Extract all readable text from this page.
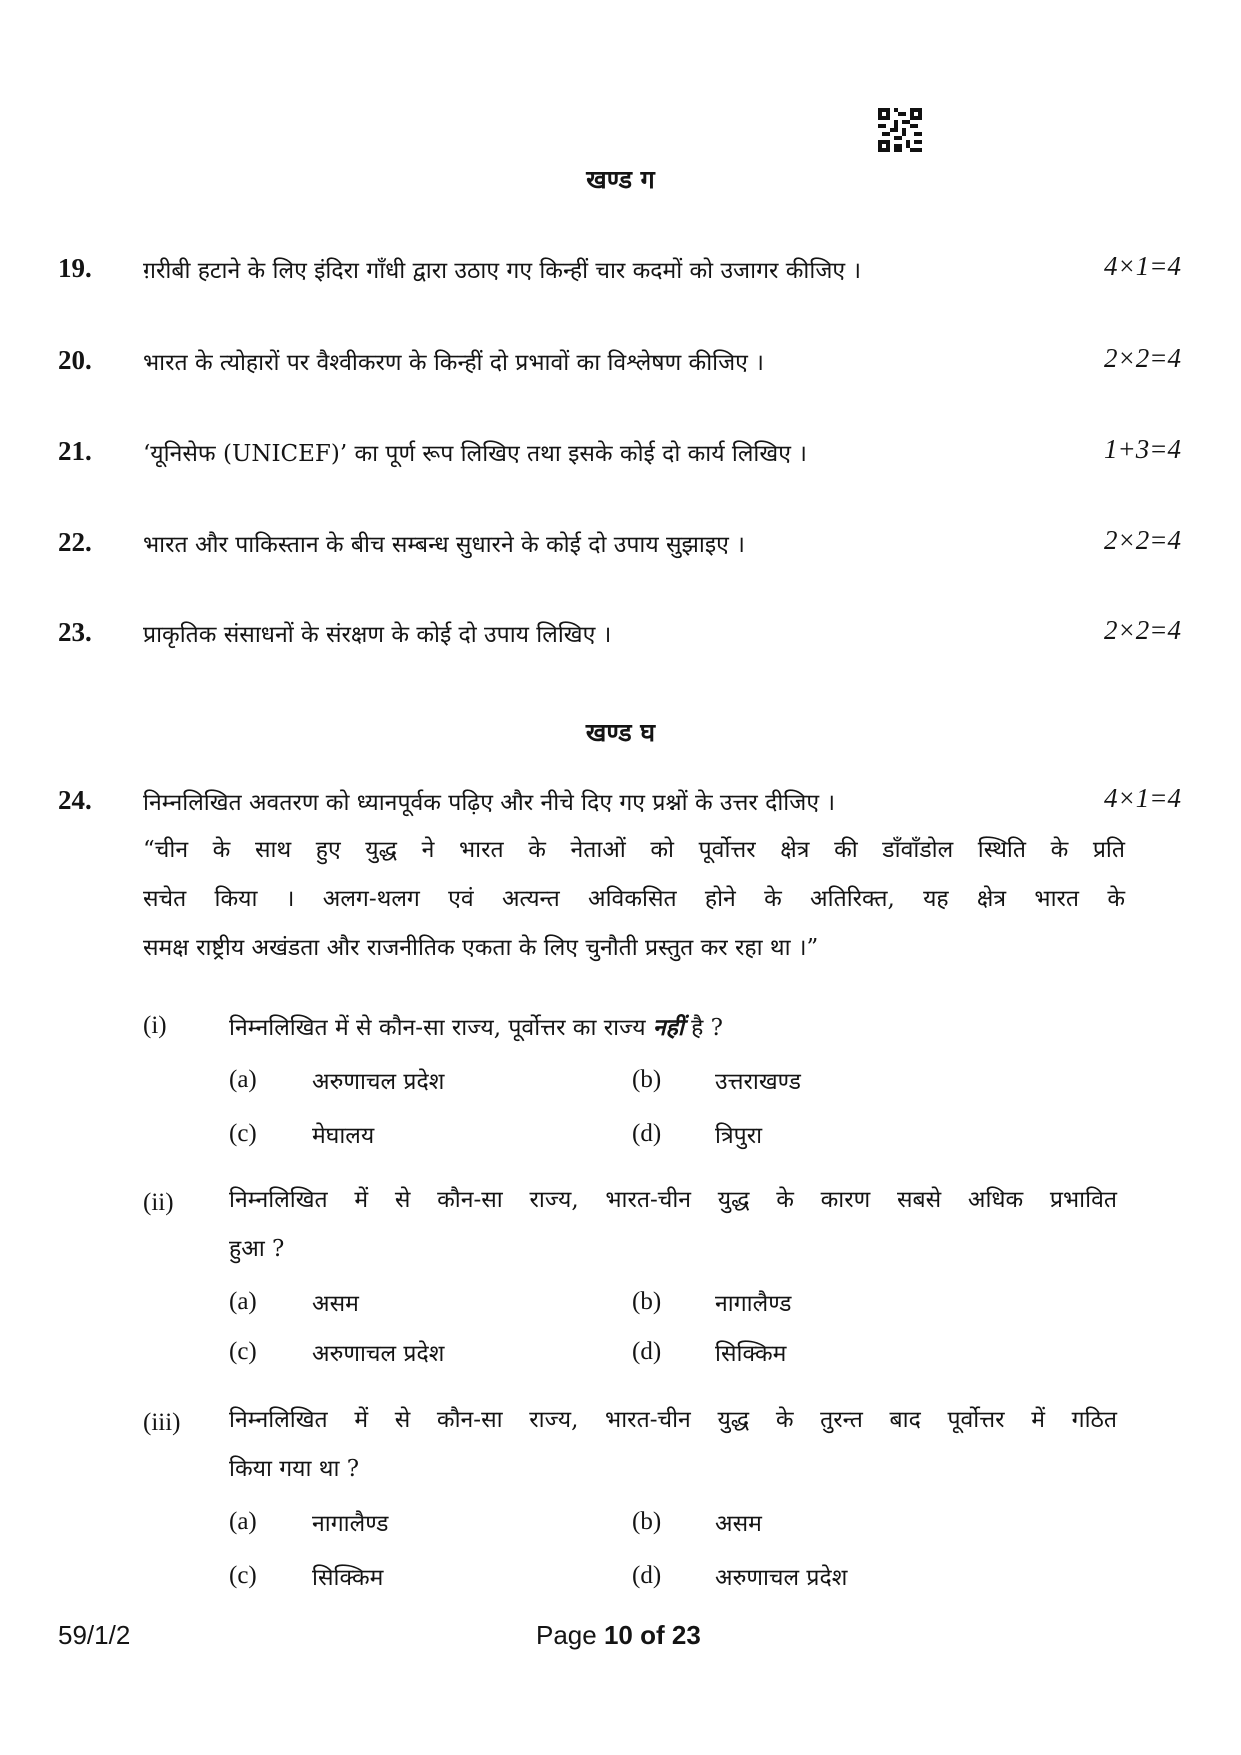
खण्ड ग
19. ग़रीबी हटाने के लिए इंदिरा गाँधी द्वारा उठाए गए किन्हीं चार कदमों को उजागर कीजिए ।	4×1=4
20. भारत के त्योहारों पर वैश्वीकरण के किन्हीं दो प्रभावों का विश्लेषण कीजिए ।	2×2=4
21. ‘यूनिसेफ (UNICEF)’ का पूर्ण रूप लिखिए तथा इसके कोई दो कार्य लिखिए ।	1+3=4
22. भारत और पाकिस्तान के बीच सम्बन्ध सुधारने के कोई दो उपाय सुझाइए ।	2×2=4
23. प्राकृतिक संसाधनों के संरक्षण के कोई दो उपाय लिखिए ।	2×2=4
खण्ड घ
24. निम्नलिखित अवतरण को ध्यानपूर्वक पढ़िए और नीचे दिए गए प्रश्नों के उत्तर दीजिए ।	4×1=4
“चीन के साथ हुए युद्ध ने भारत के नेताओं को पूर्वोत्तर क्षेत्र की डाँवाँडोल स्थिति के प्रति
सचेत किया । अलग-थलग एवं अत्यन्त अविकसित होने के अतिरिक्त, यह क्षेत्र भारत के
समक्ष राष्ट्रीय अखंडता और राजनीतिक एकता के लिए चुनौती प्रस्तुत कर रहा था ।”
(i)	निम्नलिखित में से कौन-सा राज्य, पूर्वोत्तर का राज्य नहीं है ?
(a) अरुणाचल प्रदेश	(b) उत्तराखण्ड
(c) मेघालय	(d) त्रिपुरा
(ii) निम्नलिखित में से कौन-सा राज्य, भारत-चीन युद्ध के कारण सबसे अधिक प्रभावित
हुआ ?
(a) असम	(b) नागालैण्ड
(c) अरुणाचल प्रदेश	(d) सिक्किम
(iii) निम्नलिखित में से कौन-सा राज्य, भारत-चीन युद्ध के तुरन्त बाद पूर्वोत्तर में गठित
किया गया था ?
(a) नागालैण्ड	(b) असम
(c) सिक्किम	(d) अरुणाचल प्रदेश
59/1/2	Page 10 of 23
